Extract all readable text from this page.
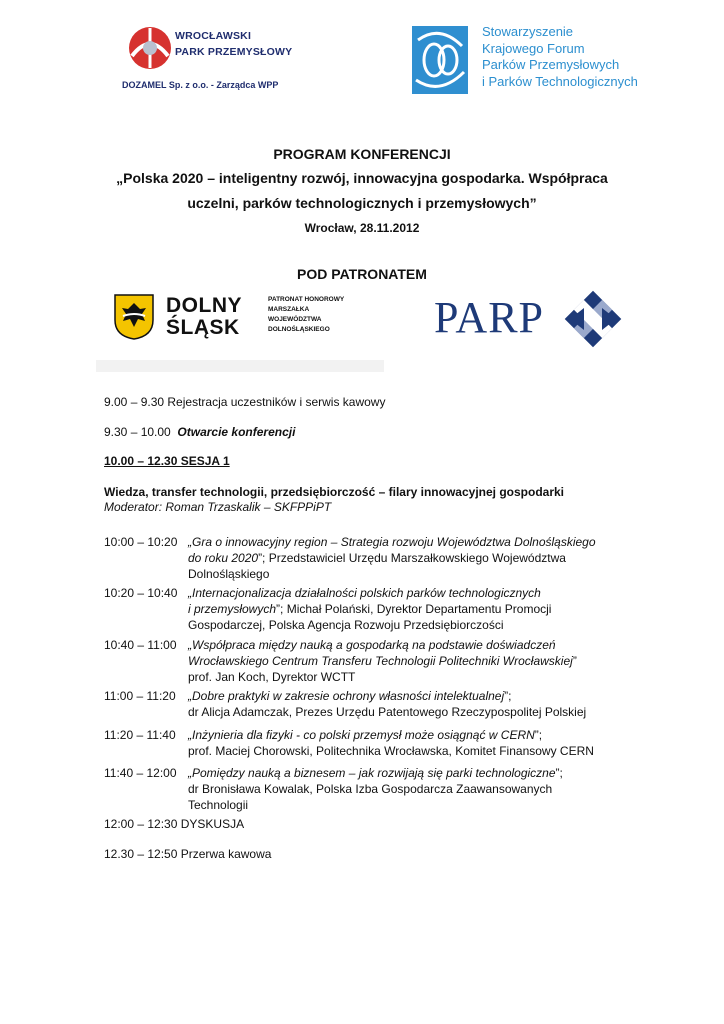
WROCŁAWSKI
PARK PRZEMYSŁOWY
DOZAMEL Sp. z o.o. - Zarządca WPP
Stowarzyszenie
Krajowego Forum
Parków Przemysłowych
i Parków Technologicznych
PROGRAM KONFERENCJI
„Polska 2020 – inteligentny rozwój, innowacyjna gospodarka. Współpraca
uczelni, parków technologicznych i przemysłowych”
Wrocław, 28.11.2012
POD PATRONATEM
DOLNY
ŚLĄSK
PATRONAT HONOROWY
MARSZAŁKA
WOJEWÓDZTWA
DOLNOŚLĄSKIEGO PARP
9.00 – 9.30 Rejestracja uczestników i serwis kawowy
9.30 – 10.00 Otwarcie konferencji
10.00 – 12.30 SESJA 1
Wiedza, transfer technologii, przedsiębiorczość – filary innowacyjnej gospodarki
Moderator: Roman Trzaskalik – SKFPPiPT
10:00 – 10:20 „Gra o innowacyjny region – Strategia rozwoju Województwa Dolnośląskiego
do roku 2020”; Przedstawiciel Urzędu Marszałkowskiego Województwa
Dolnośląskiego
10:20 – 10:40 „Internacjonalizacja działalności polskich parków technologicznych
i przemysłowych”; Michał Polański, Dyrektor Departamentu Promocji
Gospodarczej, Polska Agencja Rozwoju Przedsiębiorczości
10:40 – 11:00 „Współpraca między nauką a gospodarką na podstawie doświadczeń
Wrocławskiego Centrum Transferu Technologii Politechniki Wrocławskiej”
prof. Jan Koch, Dyrektor WCTT
11:00 – 11:20 „Dobre praktyki w zakresie ochrony własności intelektualnej”;
dr Alicja Adamczak, Prezes Urzędu Patentowego Rzeczypospolitej Polskiej
11:20 – 11:40 „Inżynieria dla fizyki - co polski przemysł może osiągnąć w CERN”;
prof. Maciej Chorowski, Politechnika Wrocławska, Komitet Finansowy CERN
11:40 – 12:00 „Pomiędzy nauką a biznesem – jak rozwijają się parki technologiczne”;
dr Bronisława Kowalak, Polska Izba Gospodarcza Zaawansowanych
Technologii
12:00 – 12:30 DYSKUSJA
12.30 – 12:50 Przerwa kawowa
